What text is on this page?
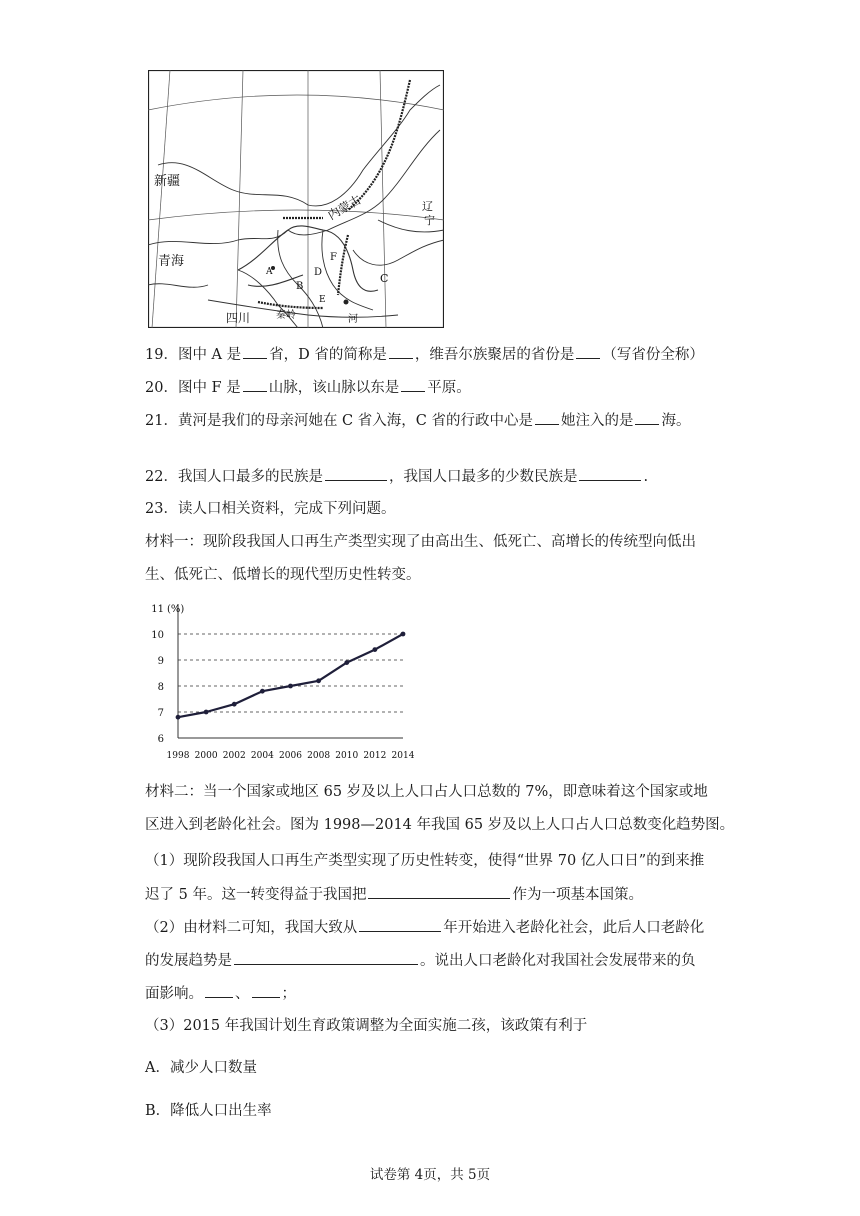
新疆
内蒙古	辽
宁
青海
四川	秦岭	河
A
B
C
D
E
F
19．图中 A 是 省，D 省的简称是 ，维吾尔族聚居的省份是 （写省份全称）
20．图中 F 是 山脉，该山脉以东是 平原。
21．黄河是我们的母亲河她在 C 省入海，C 省的行政中心是 她注入的是 海。
22．我国人口最多的民族是	，我国人口最多的少数民族是	.
23．读人口相关资料，完成下列问题。
材料一：现阶段我国人口再生产类型实现了由高出生、低死亡、高增长的传统型向低出
生、低死亡、低增长的现代型历史性转变。
6
7
8
9
10
11 (%)
1998 2000 2002 2004 2006 2008 2010 2012 2014
材料二：当一个国家或地区 65 岁及以上人口占人口总数的 7%，即意味着这个国家或地
区进入到老龄化社会。图为 1998—2014 年我国 65 岁及以上人口占人口总数变化趋势图。
（1）现阶段我国人口再生产类型实现了历史性转变，使得“世界 70 亿人口日”的到来推
迟了 5 年。这一转变得益于我国把	作为一项基本国策。
（2）由材料二可知，我国大致从	年开始进入老龄化社会，此后人口老龄化
的发展趋势是	。说出人口老龄化对我国社会发展带来的负
面影响。 、 ；
（3）2015 年我国计划生育政策调整为全面实施二孩，该政策有利于
A．减少人口数量
B．降低人口出生率
试卷第 4页，共 5页
